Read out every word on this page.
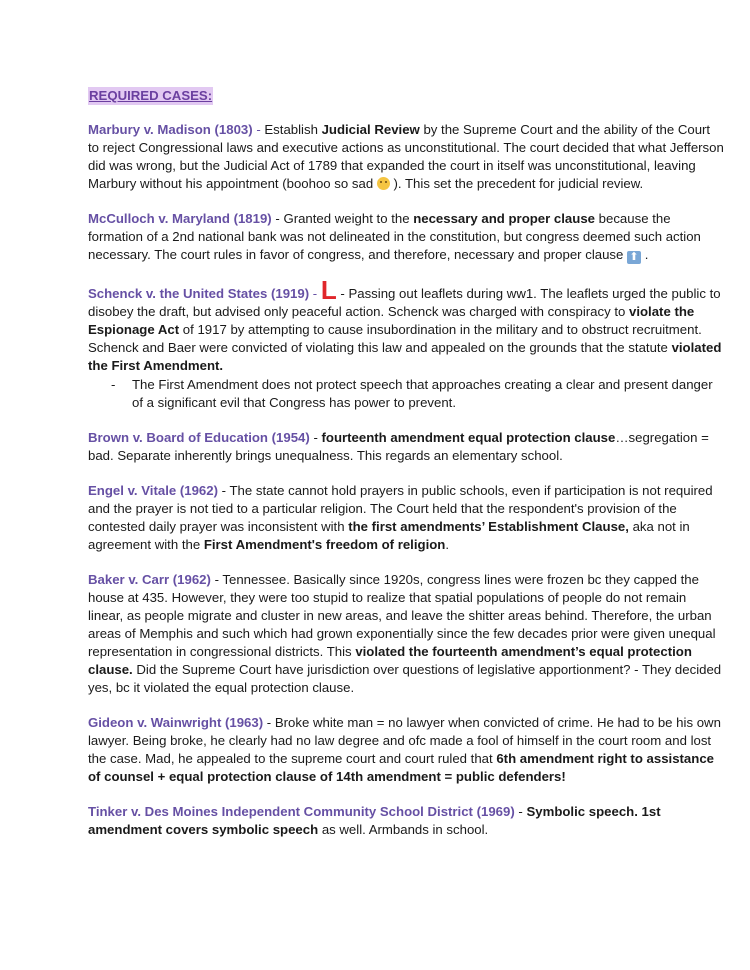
REQUIRED CASES:
Marbury v. Madison (1803) - Establish Judicial Review by the Supreme Court and the ability of the Court to reject Congressional laws and executive actions as unconstitutional. The court decided that what Jefferson did was wrong, but the Judicial Act of 1789 that expanded the court in itself was unconstitutional, leaving Marbury without his appointment (boohoo so sad ). This set the precedent for judicial review.
McCulloch v. Maryland (1819) - Granted weight to the necessary and proper clause because the formation of a 2nd national bank was not delineated in the constitution, but congress deemed such action necessary. The court rules in favor of congress, and therefore, necessary and proper clause ⬆ .
Schenck v. the United States (1919) - L - Passing out leaflets during ww1. The leaflets urged the public to disobey the draft, but advised only peaceful action. Schenck was charged with conspiracy to violate the Espionage Act of 1917 by attempting to cause insubordination in the military and to obstruct recruitment. Schenck and Baer were convicted of violating this law and appealed on the grounds that the statute violated the First Amendment.
- The First Amendment does not protect speech that approaches creating a clear and present danger of a significant evil that Congress has power to prevent.
Brown v. Board of Education (1954) - fourteenth amendment equal protection clause…segregation = bad. Separate inherently brings unequalness. This regards an elementary school.
Engel v. Vitale (1962) - The state cannot hold prayers in public schools, even if participation is not required and the prayer is not tied to a particular religion. The Court held that the respondent's provision of the contested daily prayer was inconsistent with the first amendments’ Establishment Clause, aka not in agreement with the First Amendment's freedom of religion.
Baker v. Carr (1962) - Tennessee. Basically since 1920s, congress lines were frozen bc they capped the house at 435. However, they were too stupid to realize that spatial populations of people do not remain linear, as people migrate and cluster in new areas, and leave the shitter areas behind. Therefore, the urban areas of Memphis and such which had grown exponentially since the few decades prior were given unequal representation in congressional districts. This violated the fourteenth amendment’s equal protection clause. Did the Supreme Court have jurisdiction over questions of legislative apportionment? - They decided yes, bc it violated the equal protection clause.
Gideon v. Wainwright (1963) - Broke white man = no lawyer when convicted of crime. He had to be his own lawyer. Being broke, he clearly had no law degree and ofc made a fool of himself in the court room and lost the case. Mad, he appealed to the supreme court and court ruled that 6th amendment right to assistance of counsel + equal protection clause of 14th amendment = public defenders!
Tinker v. Des Moines Independent Community School District (1969) - Symbolic speech. 1st amendment covers symbolic speech as well. Armbands in school.
